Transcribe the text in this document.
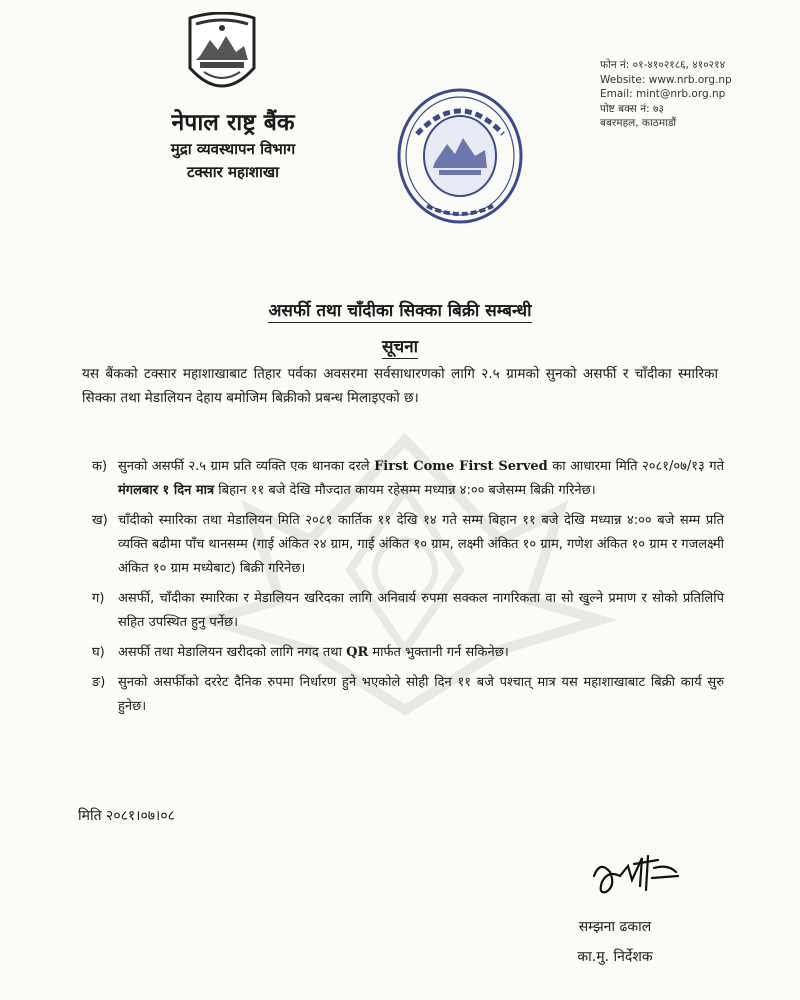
नेपाल राष्ट्र बैंक
मुद्रा व्यवस्थापन विभाग
टक्सार महाशाखा
फोन नं: ०१-४१०२१८६, ४१०२१४
Website: www.nrb.org.np
Email: mint@nrb.org.np
पोष्ट बक्स नं: ७३
बबरमहल, काठमाडौं
असर्फी तथा चाँदीका सिक्का बिक्री सम्बन्धी
सूचना
यस बैंकको टक्सार महाशाखाबाट तिहार पर्वका अवसरमा सर्वसाधारणको लागि २.५ ग्रामको सुनको असर्फी र चाँदीका स्मारिका सिक्का तथा मेडालियन देहाय बमोजिम बिक्रीको प्रबन्ध मिलाइएको छ।
क) सुनको असर्फी २.५ ग्राम प्रति व्यक्ति एक थानका दरले First Come First Served का आधारमा मिति २०८१/०७/१३ गते मंगलबार १ दिन मात्र बिहान ११ बजे देखि मौज्दात कायम रहेसम्म मध्यान्न ४:०० बजेसम्म बिक्री गरिनेछ।
ख) चाँदीको स्मारिका तथा मेडालियन मिति २०८१ कार्तिक ११ देखि १४ गते सम्म बिहान ११ बजे देखि मध्यान्न ४:०० बजे सम्म प्रति व्यक्ति बढीमा पाँच थानसम्म (गाई अंकित २४ ग्राम, गाई अंकित १० ग्राम, लक्ष्मी अंकित १० ग्राम, गणेश अंकित १० ग्राम र गजलक्ष्मी अंकित १० ग्राम मध्येबाट) बिक्री गरिनेछ।
ग) असर्फी, चाँदीका स्मारिका र मेडालियन खरिदका लागि अनिवार्य रुपमा सक्कल नागरिकता वा सो खुल्ने प्रमाण र सोको प्रतिलिपि सहित उपस्थित हुनु पर्नेछ।
घ) असर्फी तथा मेडालियन खरीदको लागि नगद तथा QR मार्फत भुक्तानी गर्न सकिनेछ।
ङ) सुनको असर्फीको दररेट दैनिक रुपमा निर्धारण हुने भएकोले सोही दिन ११ बजे पश्चात् मात्र यस महाशाखाबाट बिक्री कार्य सुरु हुनेछ।
मिति २०८१।०७।०८
सम्झना ढकाल
का.मु. निर्देशक
